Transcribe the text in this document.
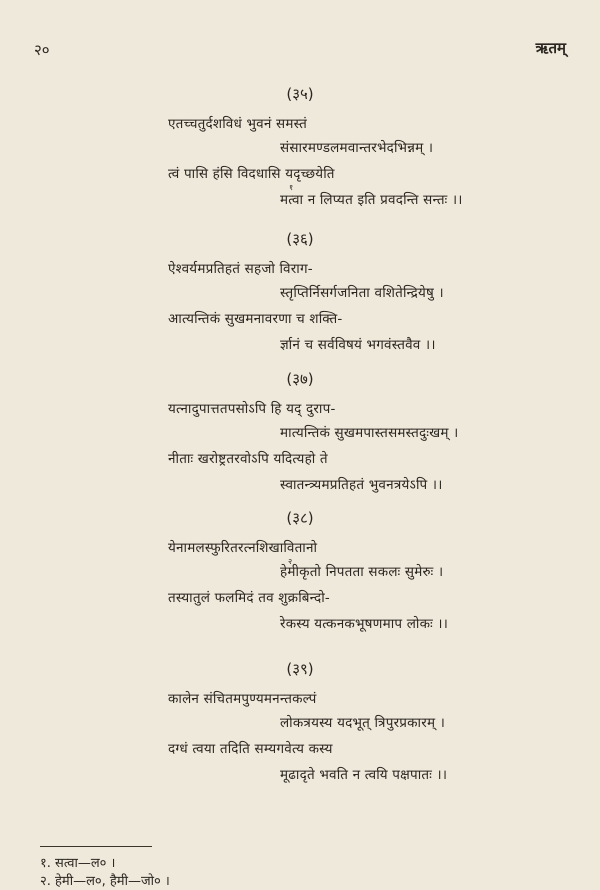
२०	ऋतम्
(३५)
एतच्चतुर्दशविधं भुवनं समस्तं
संसारमण्डलमवान्तरभेदभिन्नम् ।
त्वं पासि हंसि विदधासि यदृच्छयेति
१
मत्वा न लिप्यत इति प्रवदन्ति सन्तः ।।
(३६)
ऐश्वर्यमप्रतिहतं सहजो विराग-
स्तृप्तिर्निसर्गजनिता वशितेन्द्रियेषु ।
आत्यन्तिकं सुखमनावरणा च शक्ति-
र्ज्ञानं च सर्वविषयं भगवंस्तवैव ।।
(३७)
यत्नादुपात्ततपसोऽपि हि यद् दुराप-
मात्यन्तिकं सुखमपास्तसमस्तदुःखम् ।
नीताः खरोष्ट्रतरवोऽपि यदित्यहो ते
स्वातन्त्र्यमप्रतिहतं भुवनत्रयेऽपि ।।
(३८)
येनामलस्फुरितरत्नशिखावितानो
२
हेमीकृतो निपतता सकलः सुमेरुः ।
तस्यातुलं फलमिदं तव शुक्रबिन्दो-
रेकस्य यत्कनकभूषणमाप लोकः ।।
(३९)
कालेन संचितमपुण्यमनन्तकल्पं
लोकत्रयस्य यदभूत् त्रिपुरप्रकारम् ।
दग्धं त्वया तदिति सम्यगवेत्य कस्य
मूढादृते भवति न त्वयि पक्षपातः ।।
१. सत्वा—ल० ।
२. हेमी—ल०, हैमी—जो० ।
